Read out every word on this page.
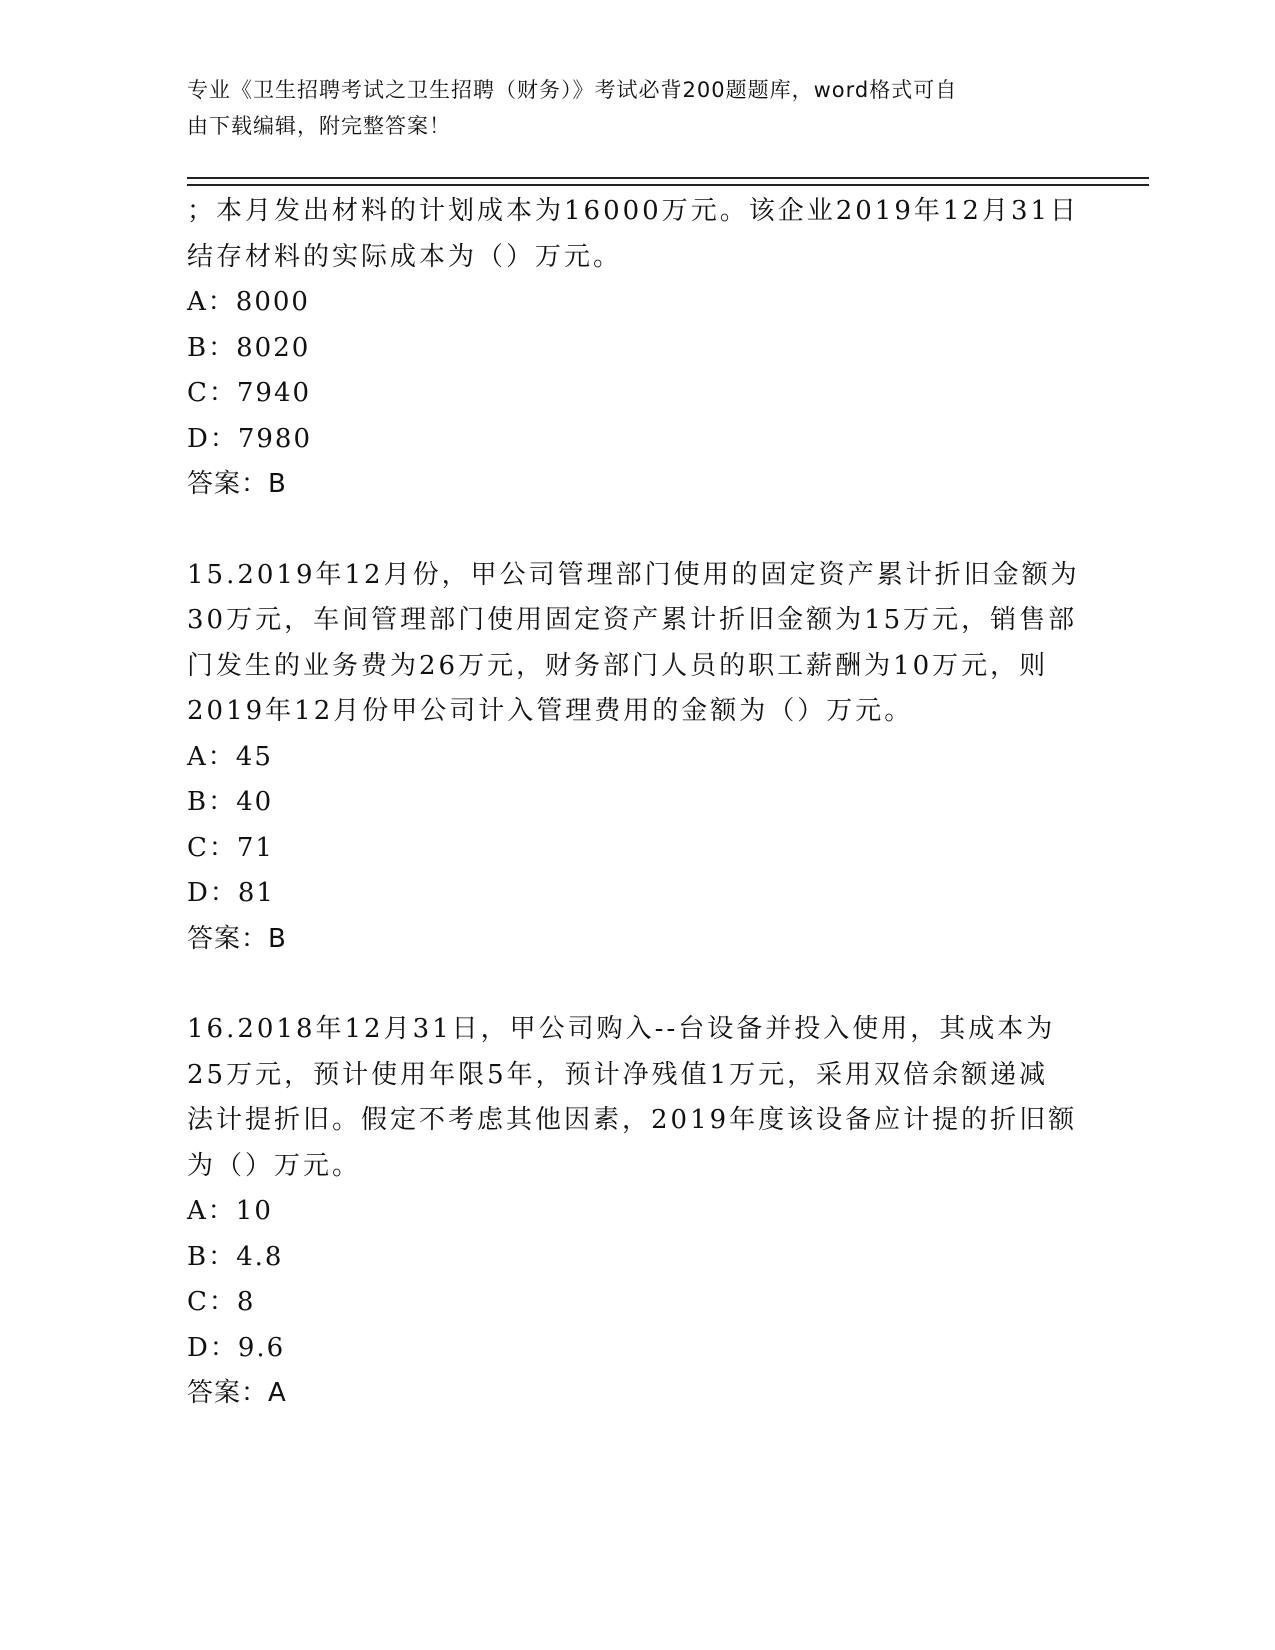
专业《卫生招聘考试之卫生招聘（财务）》考试必背200题题库，word格式可自
由下载编辑，附完整答案！

；本月发出材料的计划成本为16000万元。该企业2019年12月31日

结存材料的实际成本为（）万元。

A：8000

B：8020

C：7940

D：7980

答案：B

15.2019年12月份，甲公司管理部门使用的固定资产累计折旧金额为

30万元，车间管理部门使用固定资产累计折旧金额为15万元，销售部

门发生的业务费为26万元，财务部门人员的职工薪酬为10万元，则

2019年12月份甲公司计入管理费用的金额为（）万元。

A：45

B：40

C：71

D：81

答案：B

16.2018年12月31日，甲公司购入--台设备并投入使用，其成本为

25万元，预计使用年限5年，预计净残值1万元，采用双倍余额递减

法计提折旧。假定不考虑其他因素，2019年度该设备应计提的折旧额

为（）万元。

A：10

B：4.8

C：8

D：9.6

答案：A
